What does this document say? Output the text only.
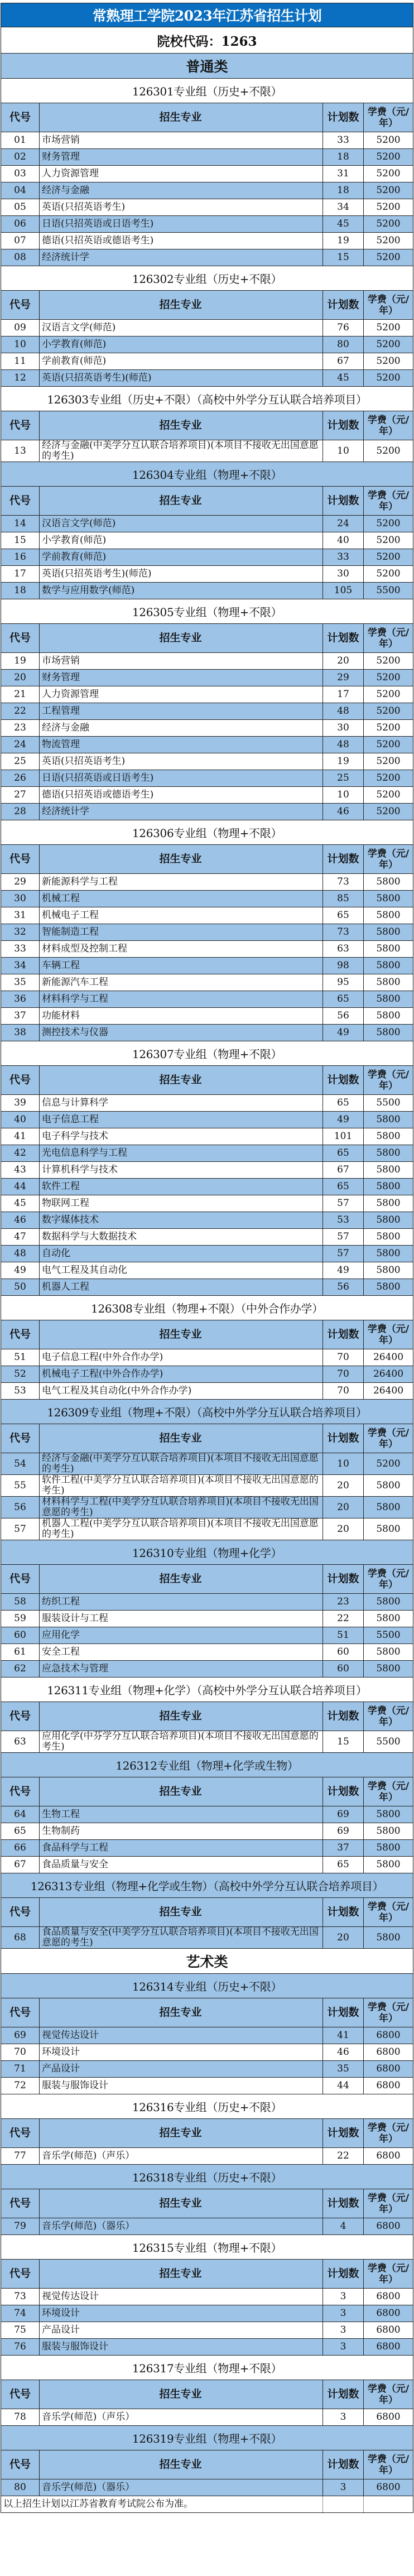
常熟理工学院2023年江苏省招生计划
院校代码：1263
普通类
126301专业组（历史+不限）
代号	招生专业	计划数 学费（元/年）
01	市场营销	33	5200
02	财务管理	18	5200
03	人力资源管理	31	5200
04	经济与金融	18	5200
05	英语(只招英语考生)	34	5200
06	日语(只招英语或日语考生)	45	5200
07	德语(只招英语或德语考生)	19	5200
08	经济统计学	15	5200
126302专业组（历史+不限）
代号	招生专业	计划数 学费（元/年）
09	汉语言文学(师范)	76	5200
10	小学教育(师范)	80	5200
11	学前教育(师范)	67	5200
12	英语(只招英语考生)(师范)	45	5200
126303专业组（历史+不限）（高校中外学分互认联合培养项目）
代号	招生专业	计划数 学费（元/年）
13	经济与金融(中美学分互认联合培养项目)(本项目不接收无出国意愿的考生)	10	5200
126304专业组（物理+不限）
代号	招生专业	计划数 学费（元/年）
14	汉语言文学(师范)	24	5200
15	小学教育(师范)	40	5200
16	学前教育(师范)	33	5200
17	英语(只招英语考生)(师范)	30	5200
18	数学与应用数学(师范)	105	5500
126305专业组（物理+不限）
代号	招生专业	计划数 学费（元/年）
19	市场营销	20	5200
20	财务管理	29	5200
21	人力资源管理	17	5200
22	工程管理	48	5200
23	经济与金融	30	5200
24	物流管理	48	5200
25	英语(只招英语考生)	19	5200
26	日语(只招英语或日语考生)	25	5200
27	德语(只招英语或德语考生)	10	5200
28	经济统计学	46	5200
126306专业组（物理+不限）
代号	招生专业	计划数 学费（元/年）
29	新能源科学与工程	73	5800
30	机械工程	85	5800
31	机械电子工程	65	5800
32	智能制造工程	73	5800
33	材料成型及控制工程	63	5800
34	车辆工程	98	5800
35	新能源汽车工程	95	5800
36	材料科学与工程	65	5800
37	功能材料	56	5800
38	测控技术与仪器	49	5800
126307专业组（物理+不限）
代号	招生专业	计划数 学费（元/年）
39	信息与计算科学	65	5500
40	电子信息工程	49	5800
41	电子科学与技术	101	5800
42	光电信息科学与工程	65	5800
43	计算机科学与技术	67	5800
44	软件工程	65	5800
45	物联网工程	57	5800
46	数字媒体技术	53	5800
47	数据科学与大数据技术	57	5800
48	自动化	57	5800
49	电气工程及其自动化	49	5800
50	机器人工程	56	5800
126308专业组（物理+不限）（中外合作办学）
代号	招生专业	计划数 学费（元/年）
51	电子信息工程(中外合作办学)	70	26400
52	机械电子工程(中外合作办学)	70	26400
53	电气工程及其自动化(中外合作办学)	70	26400
126309专业组（物理+不限）（高校中外学分互认联合培养项目）
代号	招生专业	计划数 学费（元/年）
54	经济与金融(中美学分互认联合培养项目)(本项目不接收无出国意愿的考生)	10	5200
55	软件工程(中美学分互认联合培养项目)(本项目不接收无出国意愿的考生)	20	5800
56	材料科学与工程(中美学分互认联合培养项目)(本项目不接收无出国意愿的考生)	20	5800
57	机器人工程(中美学分互认联合培养项目)(本项目不接收无出国意愿的考生)	20	5800
126310专业组（物理+化学）
代号	招生专业	计划数 学费（元/年）
58	纺织工程	23	5800
59	服装设计与工程	22	5800
60	应用化学	51	5500
61	安全工程	60	5800
62	应急技术与管理	60	5800
126311专业组（物理+化学）（高校中外学分互认联合培养项目）
代号	招生专业	计划数 学费（元/年）
63	应用化学(中芬学分互认联合培养项目)(本项目不接收无出国意愿的考生)	15	5500
126312专业组（物理+化学或生物）
代号	招生专业	计划数 学费（元/年）
64	生物工程	69	5800
65	生物制药	69	5800
66	食品科学与工程	37	5800
67	食品质量与安全	65	5800
126313专业组（物理+化学或生物）（高校中外学分互认联合培养项目）
代号	招生专业	计划数 学费（元/年）
68	食品质量与安全(中美学分互认联合培养项目)(本项目不接收无出国意愿的考生)	20	5800
艺术类
126314专业组（历史+不限）
代号	招生专业	计划数 学费（元/年）
69	视觉传达设计	41	6800
70	环境设计	46	6800
71	产品设计	35	6800
72	服装与服饰设计	44	6800
126316专业组（历史+不限）
代号	招生专业	计划数 学费（元/年）
77	音乐学(师范)（声乐）	22	6800
126318专业组（历史+不限）
代号	招生专业	计划数 学费（元/年）
79	音乐学(师范)（器乐）	4	6800
126315专业组（物理+不限）
代号	招生专业	计划数 学费（元/年）
73	视觉传达设计	3	6800
74	环境设计	3	6800
75	产品设计	3	6800
76	服装与服饰设计	3	6800
126317专业组（物理+不限）
代号	招生专业	计划数 学费（元/年）
78	音乐学(师范)（声乐）	3	6800
126319专业组（物理+不限）
代号	招生专业	计划数 学费（元/年）
80	音乐学(师范)（器乐）	3	6800
以上招生计划以江苏省教育考试院公布为准。
